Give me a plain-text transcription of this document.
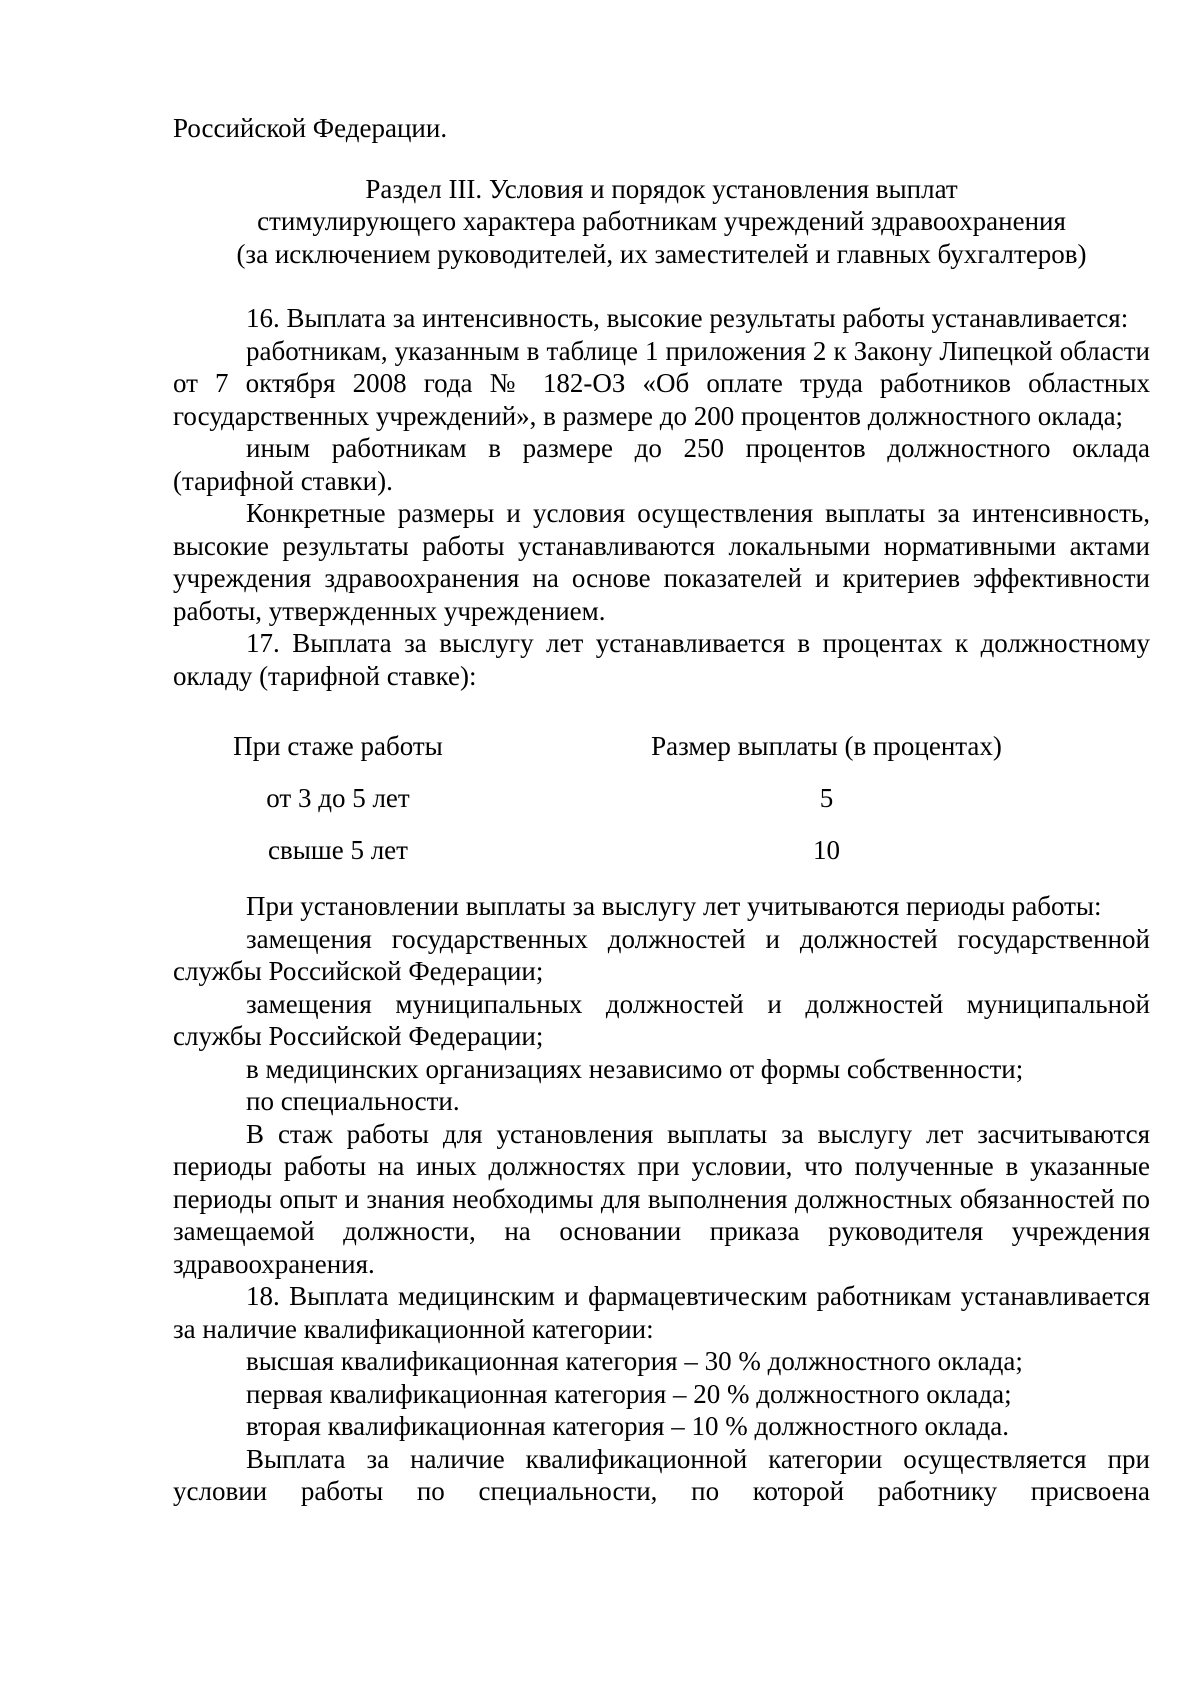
Российской Федерации.

Раздел III. Условия и порядок установления выплат
стимулирующего характера работникам учреждений здравоохранения
(за исключением руководителей, их заместителей и главных бухгалтеров)

16. Выплата за интенсивность, высокие результаты работы устанавливается:

работникам, указанным в таблице 1 приложения 2 к Закону Липецкой области от 7 октября 2008 года № 182-ОЗ «Об оплате труда работников областных государственных учреждений», в размере до 200 процентов должностного оклада;

иным работникам в размере до 250 процентов должностного оклада (тарифной ставки).

Конкретные размеры и условия осуществления выплаты за интенсивность, высокие результаты работы устанавливаются локальными нормативными актами учреждения здравоохранения на основе показателей и критериев эффективности работы, утвержденных учреждением.

17. Выплата за выслугу лет устанавливается в процентах к должностному окладу (тарифной ставке):

При стаже работы	Размер выплаты (в процентах)
от 3 до 5 лет	5
свыше 5 лет	10

При установлении выплаты за выслугу лет учитываются периоды работы:

замещения государственных должностей и должностей государственной службы Российской Федерации;

замещения муниципальных должностей и должностей муниципальной службы Российской Федерации;

в медицинских организациях независимо от формы собственности;

по специальности.

В стаж работы для установления выплаты за выслугу лет засчитываются периоды работы на иных должностях при условии, что полученные в указанные периоды опыт и знания необходимы для выполнения должностных обязанностей по замещаемой должности, на основании приказа руководителя учреждения здравоохранения.

18. Выплата медицинским и фармацевтическим работникам устанавливается за наличие квалификационной категории:

высшая квалификационная категория – 30 % должностного оклада;

первая квалификационная категория – 20 % должностного оклада;

вторая квалификационная категория – 10 % должностного оклада.

Выплата за наличие квалификационной категории осуществляется при условии работы по специальности, по которой работнику присвоена
